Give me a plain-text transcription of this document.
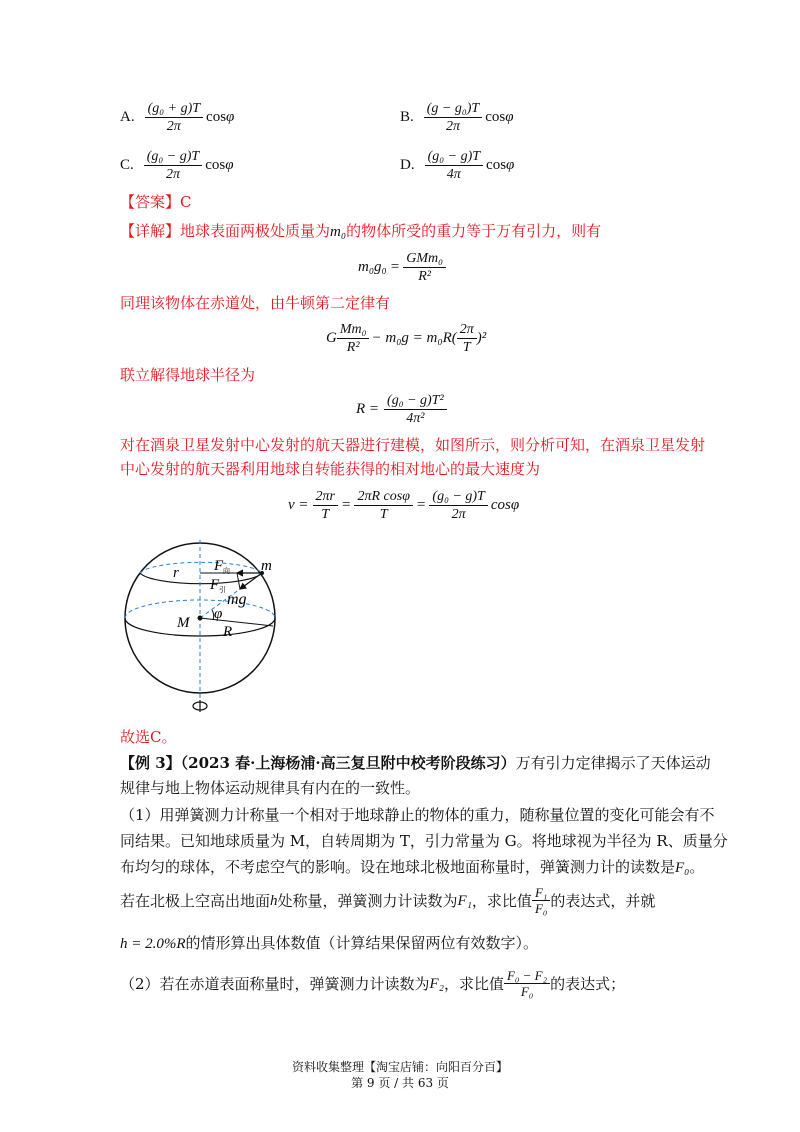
A. $\frac{\text{(g₀ + g)T}}{2\pi}$ cosφ	B. $\frac{\text{(g − g₀)T}}{2\pi}$ cosφ
C. $\frac{\text{(g₀ − g)T}}{2\pi}$ cosφ	D. $\frac{\text{(g₀ − g)T}}{4\pi}$ cosφ
【答案】C
【详解】地球表面两极处质量为m₀的物体所受的重力等于万有引力，则有
$m_0g_0 = \frac{\text{GMm₀}}{\text{R²}}$
同理该物体在赤道处，由牛顿第二定律有
G $\frac{\text{Mm₀}}{\text{R²}} - m_0g = m_0R( \frac{2\pi}{T} )^2$
联立解得地球半径为
$R = \frac{\text{(g₀ − g)T²}}{\text{4π²}}$
对在酒泉卫星发射中心发射的航天器进行建模，如图所示，则分析可知，在酒泉卫星发射
中心发射的航天器利用地球自转能获得的相对地心的最大速度为
$v = \frac{2\pi r}{T} = \frac{\text{2πR cosφ}}{T} = \frac{\text{(g₀ − g)T}}{2\pi}$ cosφ
r F 向 m
F 引
mg
φ
M
R
故选C。
【例 3】（2023 春·上海杨浦·高三复旦附中校考阶段练习）万有引力定律揭示了天体运动
规律与地上物体运动规律具有内在的一致性。
（1）用弹簧测力计称量一个相对于地球静止的物体的重力，随称量位置的变化可能会有不
同结果。已知地球质量为 M，自转周期为 T，引力常量为 G。将地球视为半径为 R、质量分
布均匀的球体，不考虑空气的影响。设在地球北极地面称量时，弹簧测力计的读数是F₀。
若在北极上空高出地面 h 处称量，弹簧测力计读数为 F₁ ，求比值 $\frac{\text{F₁}}{\text{F₀}}$ 的表达式，并就
h = 2.0%R的情形算出具体数值（计算结果保留两位有效数字）。
（2）若在赤道表面称量时，弹簧测力计读数为 F₂ ，求比值 $\frac{\text{F₀ − F₂}}{\text{F₀}}$ 的表达式；
资料收集整理【淘宝店铺：向阳百分百】
第 9 页 / 共 63 页
